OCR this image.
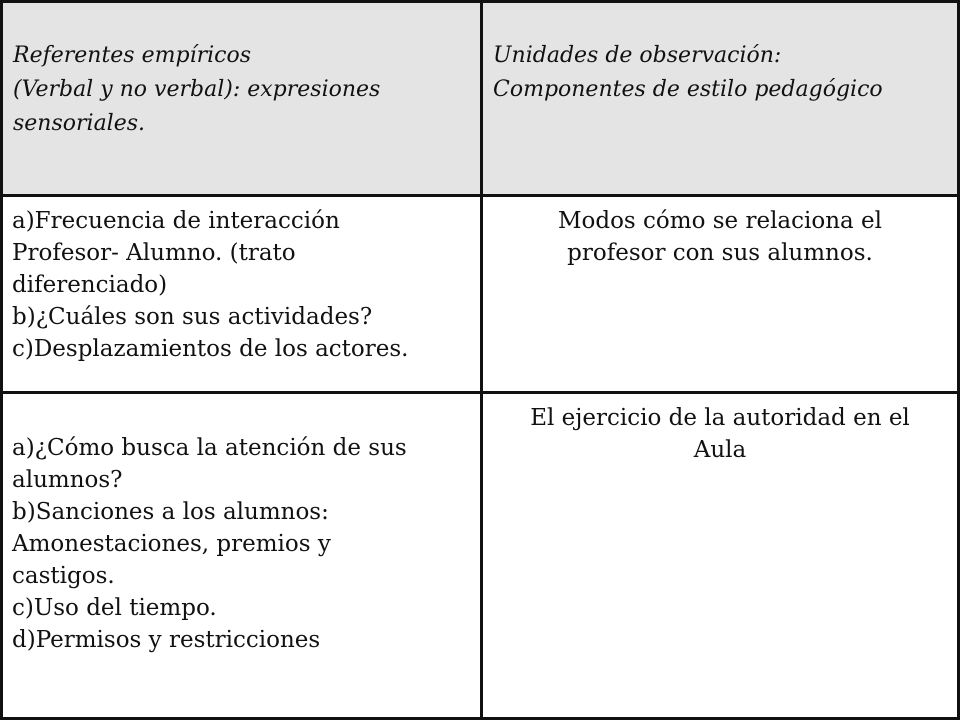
Referentes empíricos
(Verbal y no verbal): expresiones
sensoriales.
Unidades de observación:
Componentes de estilo pedagógico
a)Frecuencia de interacción
Profesor- Alumno. (trato
diferenciado)
b)¿Cuáles son sus actividades?
c)Desplazamientos de los actores.
Modos cómo se relaciona el
profesor con sus alumnos.
a)¿Cómo busca la atención de sus
alumnos?
b)Sanciones a los alumnos:
Amonestaciones, premios y
castigos.
c)Uso del tiempo.
d)Permisos y restricciones
El ejercicio de la autoridad en el
Aula
